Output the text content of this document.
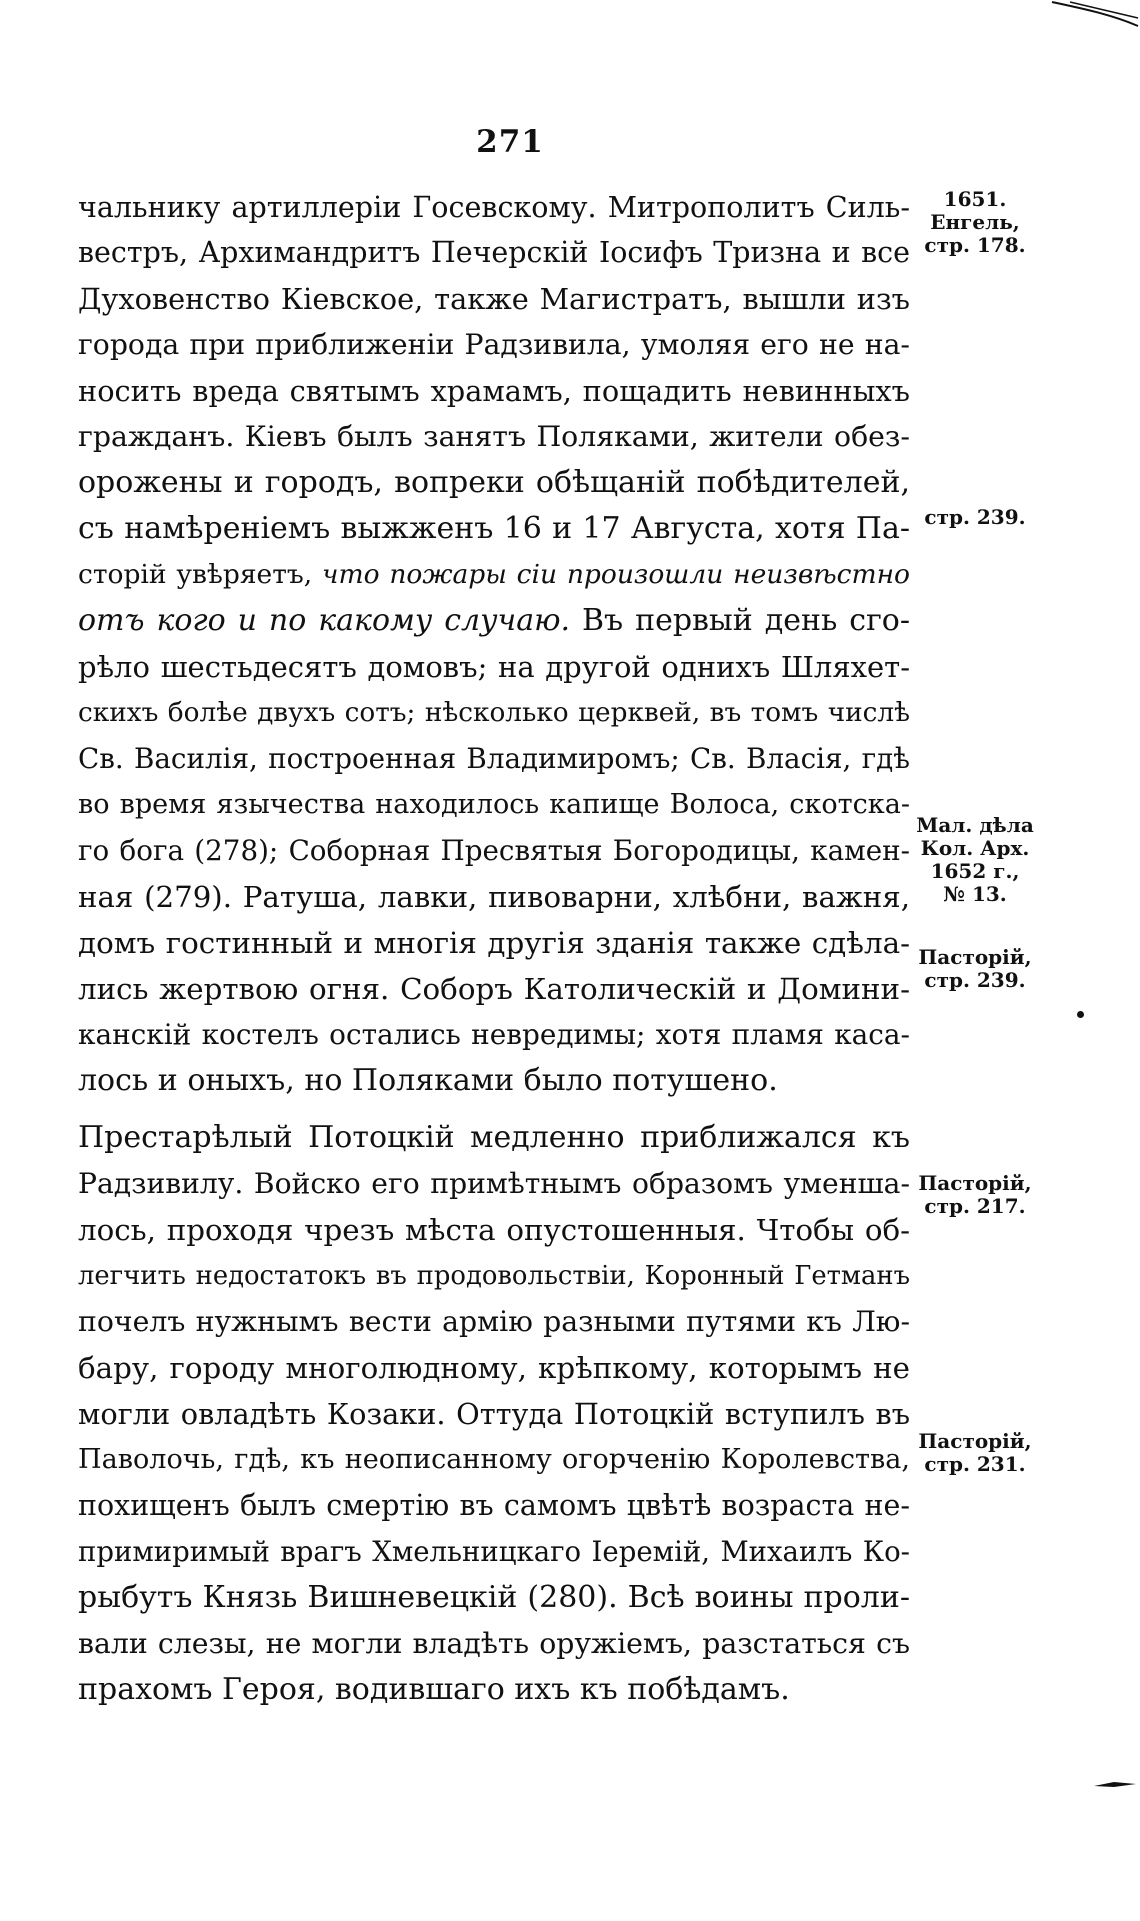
271
чальнику артиллерiи Госевскому. Митрополитъ Силь-
вестръ, Архимандритъ Печерскiй Iосифъ Тризна и все
Духовенство Кiевское, также Магистратъ, вышли изъ
города при приближенiи Радзивила, умоляя его не на-
носить вреда святымъ храмамъ, пощадить невинныхъ
гражданъ. Кiевъ былъ занятъ Поляками, жители обез-
орожены и городъ, вопреки обѣщанiй побѣдителей,
съ намѣренiемъ выжженъ 16 и 17 Августа, хотя Па-
сторiй увѣряетъ, что пожары сiи произошли неизвѣстно
отъ кого и по какому случаю. Въ первый день сго-
рѣло шестьдесятъ домовъ; на другой однихъ Шляхет-
скихъ болѣе двухъ сотъ; нѣсколько церквей, въ томъ числѣ
Св. Василiя, построенная Владимиромъ; Св. Власiя, гдѣ
во время язычества находилось капище Волоса, скотска-
го бога (278); Соборная Пресвятыя Богородицы, камен-
ная (279). Ратуша, лавки, пивоварни, хлѣбни, важня,
домъ гостинный и многiя другiя зданiя также сдѣла-
лись жертвою огня. Соборъ Католическiй и Домини-
канскiй костелъ остались невредимы; хотя пламя каса-
лось и оныхъ, но Поляками было потушено.
Престарѣлый Потоцкiй медленно приближался къ
Радзивилу. Войско его примѣтнымъ образомъ уменша-
лось, проходя чрезъ мѣста опустошенныя. Чтобы об-
легчить недостатокъ въ продовольствiи, Коронный Гетманъ
почелъ нужнымъ вести армiю разными путями къ Лю-
бару, городу многолюдному, крѣпкому, которымъ не
могли овладѣть Козаки. Оттуда Потоцкiй вступилъ въ
Паволочь, гдѣ, къ неописанному огорченiю Королевства,
похищенъ былъ смертiю въ самомъ цвѣтѣ возраста не-
примиримый врагъ Хмельницкаго Iеремiй, Михаилъ Ко-
рыбутъ Князь Вишневецкiй (280). Всѣ воины проли-
вали слезы, не могли владѣть оружiемъ, разстаться съ
прахомъ Героя, водившаго ихъ къ побѣдамъ.
1651.
Енгель,
стр. 178.
стр. 239.
Мал. дѣла
Кол. Арх.
1652 г.,
№ 13.
Пасторiй,
стр. 239.
Пасторiй,
стр. 217.
Пасторiй,
стр. 231.
